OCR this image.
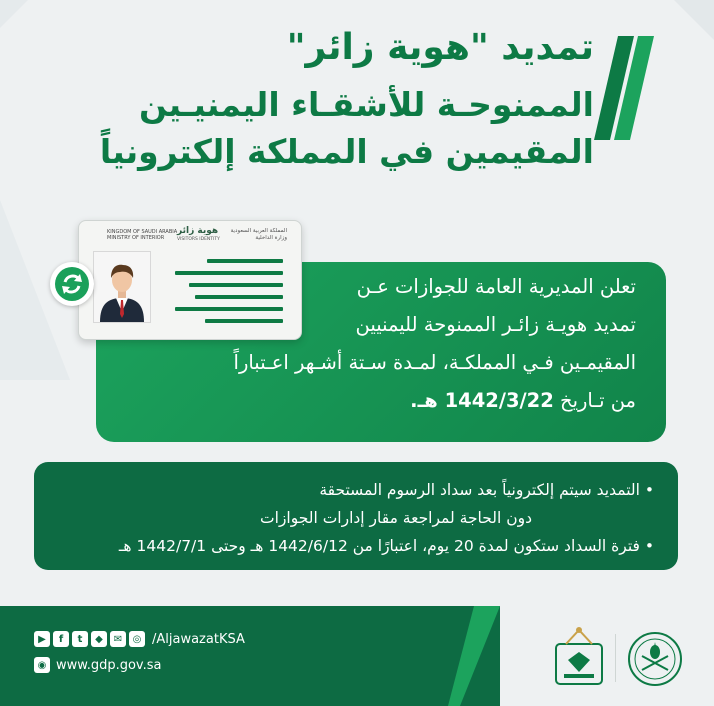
تمديد "هوية زائر"
الممنوحـة للأشقـاء اليمنيـين
المقيمين في المملكة إلكترونياً
تعلن المديرية العامة للجوازات عـن
تمديد هويـة زائـر الممنوحة لليمنيين
المقيمـين فـي المملكـة، لمـدة سـتة أشـهر اعـتباراً
من تـاريخ 1442/3/22 هـ.
KINGDOM OF SAUDI ARABIA
MINISTRY OF INTERIOR
هوية زائر
VISITORS IDENTITY
المملكة العربية السعودية
وزارة الداخلية
• التمديد سيتم إلكترونياً بعد سداد الرسوم المستحقة
دون الحاجة لمراجعة مقار إدارات الجوازات
• فترة السداد ستكون لمدة 20 يوم، اعتبارًا من 1442/6/12 هـ وحتى 1442/7/1 هـ
▶	f	t	◆	✉	◎ /AljawazatKSA
◉ www.gdp.gov.sa
